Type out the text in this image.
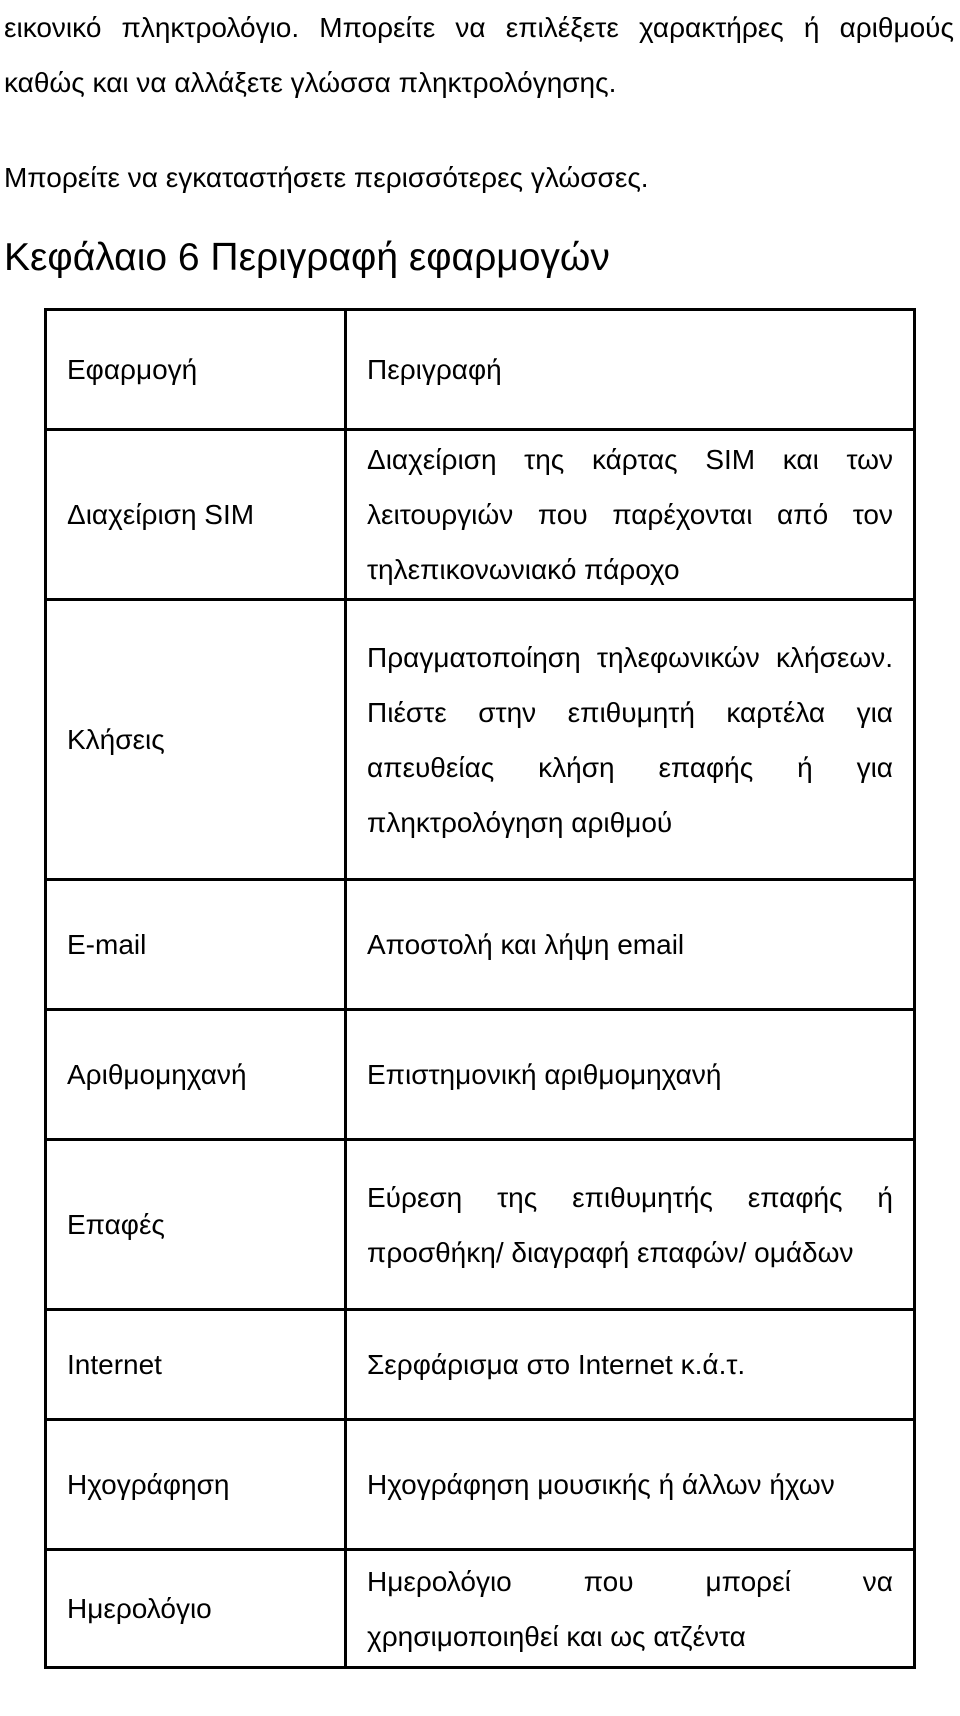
εικονικό πληκτρολόγιο. Μπορείτε να επιλέξετε χαρακτήρες ή αριθμούς καθώς και να αλλάξετε γλώσσα πληκτρολόγησης.

Μπορείτε να εγκαταστήσετε περισσότερες γλώσσες.

Κεφάλαιο 6 Περιγραφή εφαρμογών
Εφαρμογή	Περιγραφή
Διαχείριση SIM	Διαχείριση της κάρτας SIM και των λειτουργιών που παρέχονται από τον τηλεπικονωνιακό πάροχο
Κλήσεις	Πραγματοποίηση τηλεφωνικών κλήσεων. Πιέστε στην επιθυμητή καρτέλα για απευθείας κλήση επαφής ή για πληκτρολόγηση αριθμού
E-mail	Αποστολή και λήψη email
Αριθμομηχανή	Επιστημονική αριθμομηχανή
Επαφές	Εύρεση της επιθυμητής επαφής ή προσθήκη/ διαγραφή επαφών/ ομάδων
Internet	Σερφάρισμα στο Internet κ.ά.τ.
Ηχογράφηση	Ηχογράφηση μουσικής ή άλλων ήχων
Ημερολόγιο	Ημερολόγιο που μπορεί να χρησιμοποιηθεί και ως ατζέντα
